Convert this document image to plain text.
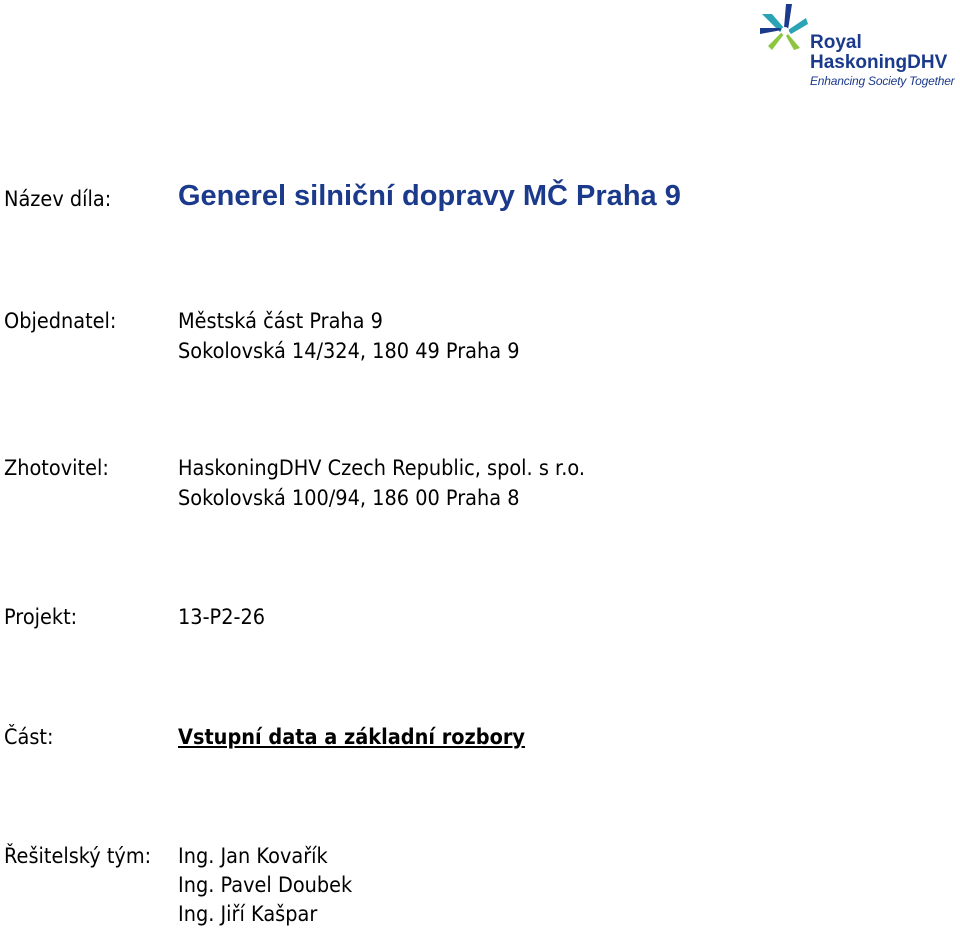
Royal
HaskoningDHV
Enhancing Society Together
Název díla: Generel silniční dopravy MČ Praha 9
Objednatel:	Městská část Praha 9
Sokolovská 14/324, 180 49 Praha 9
Zhotovitel:	HaskoningDHV Czech Republic, spol. s r.o.
Sokolovská 100/94, 186 00 Praha 8
Projekt:	13-P2-26
Část:	Vstupní data a základní rozbory
Řešitelský tým: Ing. Jan Kovařík
Ing. Pavel Doubek
Ing. Jiří Kašpar
